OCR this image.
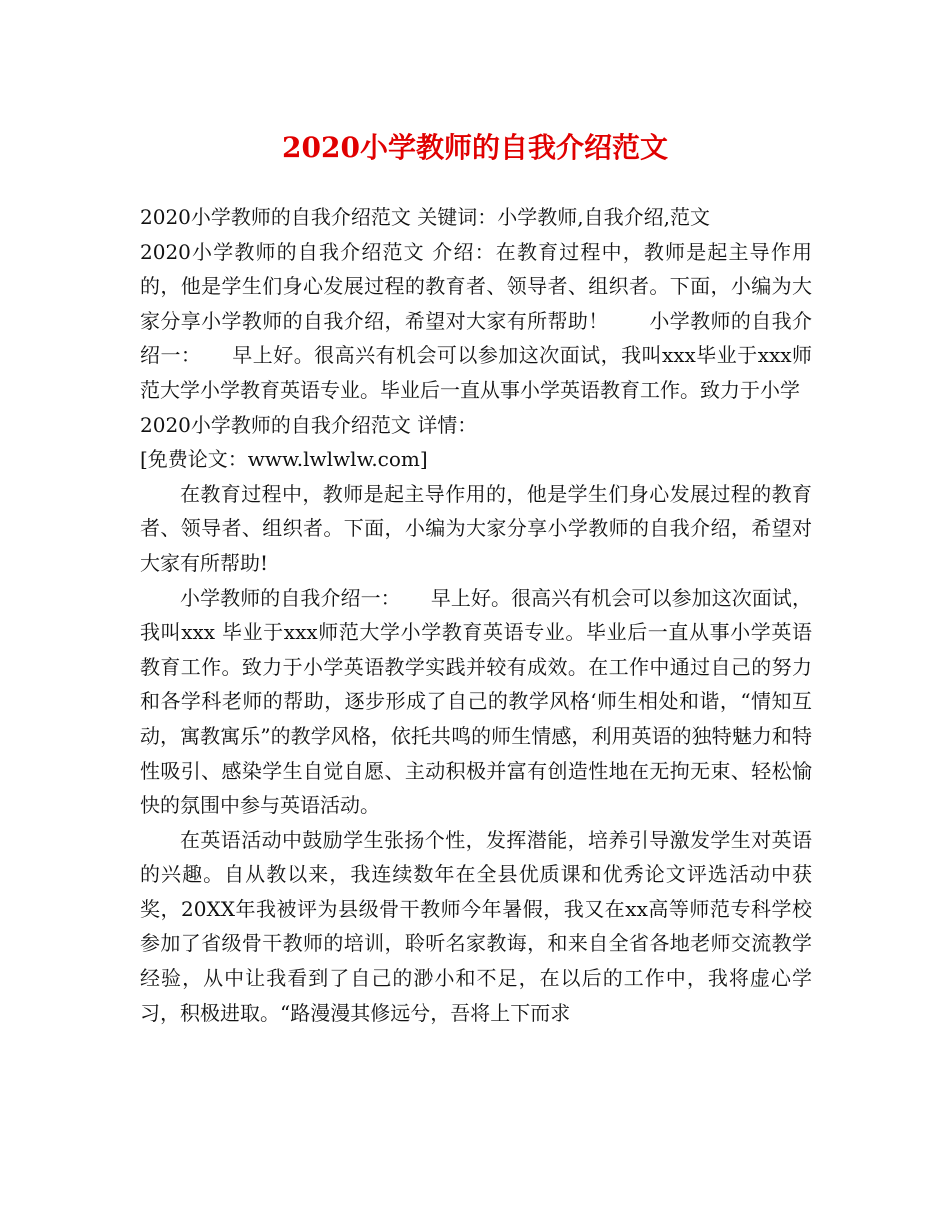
2020小学教师的自我介绍范文
2020小学教师的自我介绍范文 关键词：小学教师,自我介绍,范文
2020小学教师的自我介绍范文 介绍：在教育过程中，教师是起主导作用的，他是学生们身心发展过程的教育者、领导者、组织者。下面，小编为大家分享小学教师的自我介绍，希望对大家有所帮助！　　小学教师的自我介绍一：　　早上好。很高兴有机会可以参加这次面试，我叫xxx毕业于xxx师范大学小学教育英语专业。毕业后一直从事小学英语教育工作。致力于小学
2020小学教师的自我介绍范文 详情：
[免费论文：www.lwlwlw.com]
在教育过程中，教师是起主导作用的，他是学生们身心发展过程的教育者、领导者、组织者。下面，小编为大家分享小学教师的自我介绍，希望对大家有所帮助!
小学教师的自我介绍一：　　早上好。很高兴有机会可以参加这次面试，我叫xxx 毕业于xxx师范大学小学教育英语专业。毕业后一直从事小学英语教育工作。致力于小学英语教学实践并较有成效。在工作中通过自己的努力和各学科老师的帮助，逐步形成了自己的教学风格‘师生相处和谐，“情知互动，寓教寓乐”的教学风格，依托共鸣的师生情感，利用英语的独特魅力和特性吸引、感染学生自觉自愿、主动积极并富有创造性地在无拘无束、轻松愉快的氛围中参与英语活动。
在英语活动中鼓励学生张扬个性，发挥潜能，培养引导激发学生对英语的兴趣。自从教以来，我连续数年在全县优质课和优秀论文评选活动中获奖，20XX年我被评为县级骨干教师今年暑假，我又在xx高等师范专科学校参加了省级骨干教师的培训，聆听名家教诲，和来自全省各地老师交流教学经验，从中让我看到了自己的渺小和不足，在以后的工作中，我将虚心学习，积极进取。“路漫漫其修远兮，吾将上下而求
